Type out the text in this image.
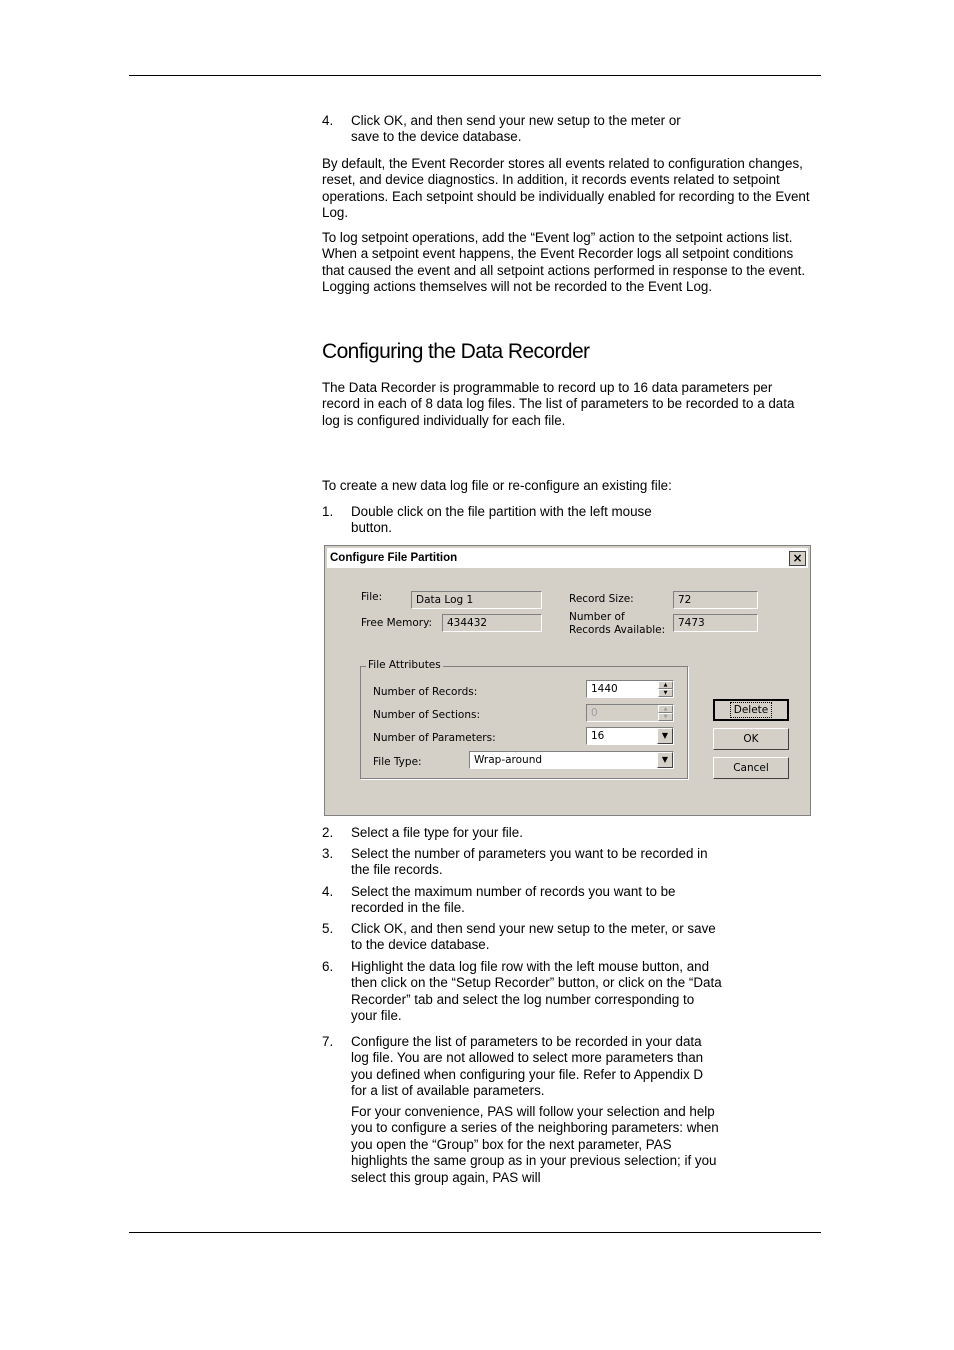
4. Click OK, and then send your new setup to the meter or save to the device database.
By default, the Event Recorder stores all events related to configuration changes, reset, and device diagnostics. In addition, it records events related to setpoint operations. Each setpoint should be individually enabled for recording to the Event Log.
To log setpoint operations, add the “Event log” action to the setpoint actions list. When a setpoint event happens, the Event Recorder logs all setpoint conditions that caused the event and all setpoint actions performed in response to the event. Logging actions themselves will not be recorded to the Event Log.
Configuring the Data Recorder
The Data Recorder is programmable to record up to 16 data parameters per record in each of 8 data log files. The list of parameters to be recorded to a data log is configured individually for each file.
To create a new data log file or re-configure an existing file:
1. Double click on the file partition with the left mouse button.
Configure File Partition	×
File:	Data Log 1
Free Memory:	434432
Record Size:	72
Number of Records Available:
7473
File Attributes
Number of Records:	1440	▲
▼
Number of Sections:	0	▲
▼
Number of Parameters:	16	▼
File Type:	Wrap-around	▼
Delete
OK
Cancel
2. Select a file type for your file.
3. Select the number of parameters you want to be recorded in the file records.
4. Select the maximum number of records you want to be recorded in the file.
5. Click OK, and then send your new setup to the meter, or save to the device database.
6. Highlight the data log file row with the left mouse button, and then click on the “Setup Recorder” button, or click on the “Data Recorder” tab and select the log number corresponding to your file.
7. Configure the list of parameters to be recorded in your data log file. You are not allowed to select more parameters than you defined when configuring your file. Refer to Appendix D for a list of available parameters.
For your convenience, PAS will follow your selection and help you to configure a series of the neighboring parameters: when you open the “Group” box for the next parameter, PAS highlights the same group as in your previous selection; if you select this group again, PAS will
